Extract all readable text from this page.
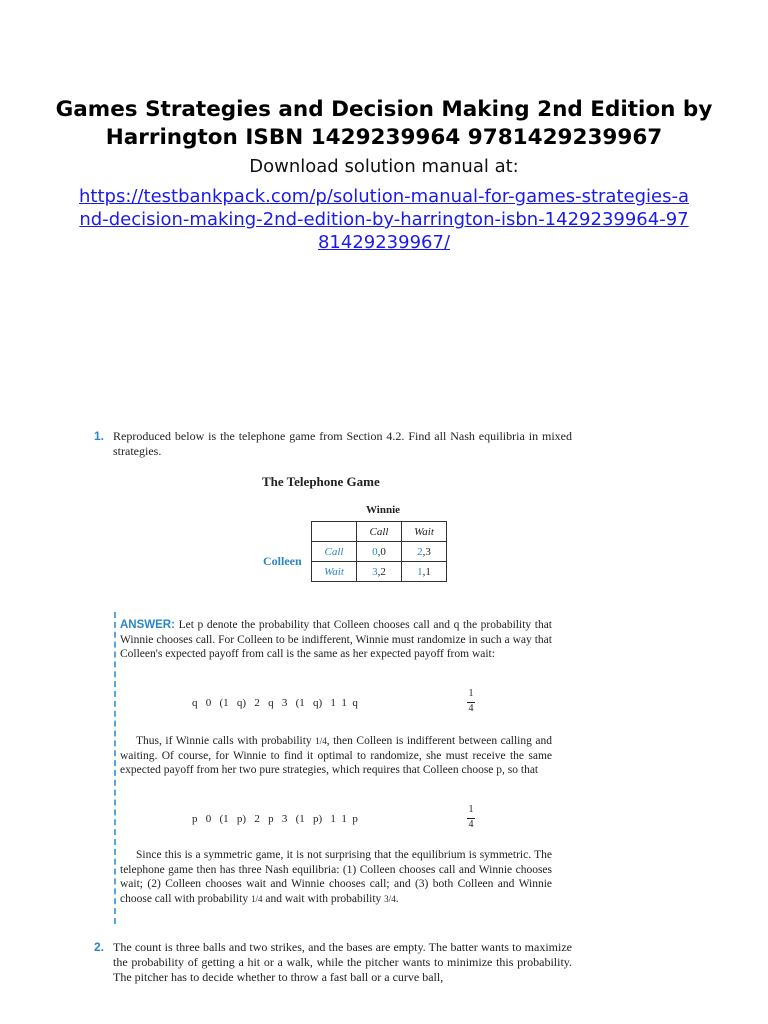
Games Strategies and Decision Making 2nd Edition by Harrington ISBN 1429239964 9781429239967
Download solution manual at:
https://testbankpack.com/p/solution-manual-for-games-strategies-and-decision-making-2nd-edition-by-harrington-isbn-1429239964-9781429239967/
1. Reproduced below is the telephone game from Section 4.2. Find all Nash equilibria in mixed strategies.
The Telephone Game
Winnie
Colleen
	Call	Wait
Call	0,0	2,3
Wait	3,2	1,1
ANSWER: Let p denote the probability that Colleen chooses call and q the probability that Winnie chooses call. For Colleen to be indifferent, Winnie must randomize in such a way that Colleen's expected payoff from call is the same as her expected payoff from wait:
q   0   (1   q)   2   q   3   (1   q)   1  1  q
1
4
Thus, if Winnie calls with probability 1/4, then Colleen is indifferent between calling and waiting. Of course, for Winnie to find it optimal to randomize, she must receive the same expected payoff from her two pure strategies, which requires that Colleen choose p, so that
p   0   (1   p)   2   p   3   (1   p)   1  1  p
1
4
Since this is a symmetric game, it is not surprising that the equilibrium is symmetric. The telephone game then has three Nash equilibria: (1) Colleen chooses call and Winnie chooses wait; (2) Colleen chooses wait and Winnie chooses call; and (3) both Colleen and Winnie choose call with probability 1/4 and wait with probability 3/4.
2. The count is three balls and two strikes, and the bases are empty. The batter wants to maximize the probability of getting a hit or a walk, while the pitcher wants to minimize this probability. The pitcher has to decide whether to throw a fast ball or a curve ball,
